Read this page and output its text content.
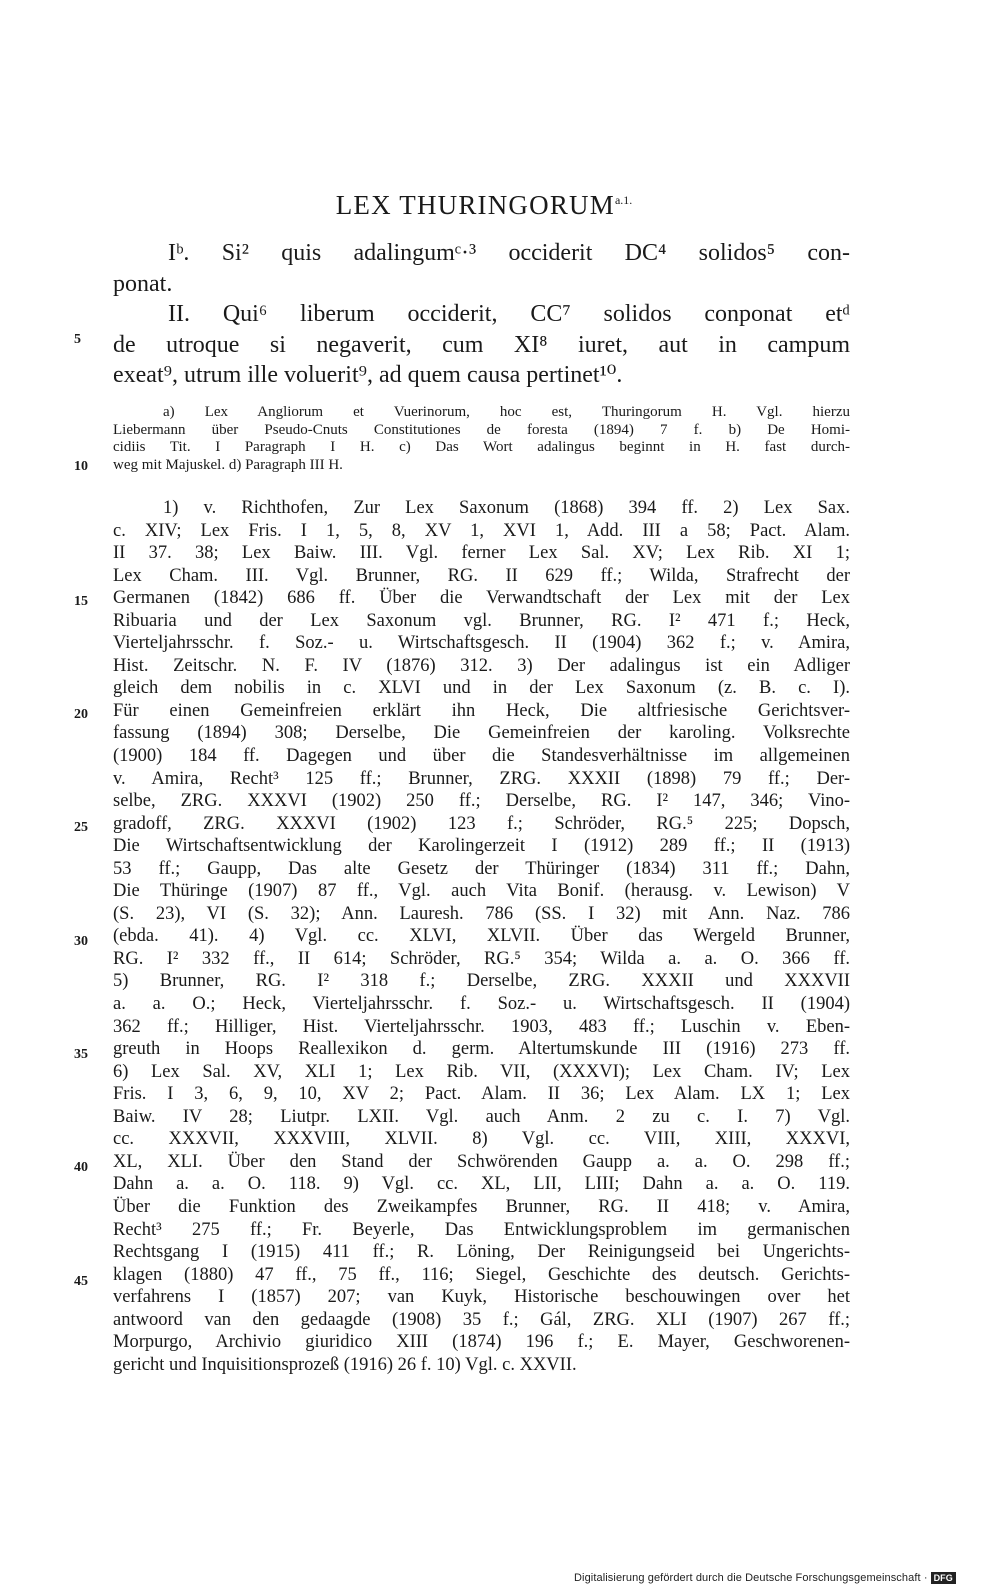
LEX $THURINGORUM^{a.1.}$
Iᵇ. Si² quis adalingumᶜ·³ occiderit DC⁴ solidos⁵ con-
ponat.
II. Qui⁶ liberum occiderit, CC⁷ solidos conponat etᵈ
de utroque si negaverit, cum XI⁸ iuret, aut in campum
exeat⁹, utrum ille voluerit⁹, ad quem causa pertinet¹⁰.
a) Lex Angliorum et Vuerinorum, hoc est, Thuringorum H. Vgl. hierzu
Liebermann über Pseudo-Cnuts Constitutiones de foresta (1894) 7 f. b) De Homi-
cidiis Tit. I Paragraph I H. c) Das Wort adalingus beginnt in H. fast durch-
weg mit Majuskel. d) Paragraph III H.
1) v. Richthofen, Zur Lex Saxonum (1868) 394 ff. 2) Lex Sax.
c. XIV; Lex Fris. I 1, 5, 8, XV 1, XVI 1, Add. III a 58; Pact. Alam.
II 37. 38; Lex Baiw. III. Vgl. ferner Lex Sal. XV; Lex Rib. XI 1;
Lex Cham. III. Vgl. Brunner, RG. II 629 ff.; Wilda, Strafrecht der
Germanen (1842) 686 ff. Über die Verwandtschaft der Lex mit der Lex
Ribuaria und der Lex Saxonum vgl. Brunner, RG. I² 471 f.; Heck,
Vierteljahrsschr. f. Soz.- u. Wirtschaftsgesch. II (1904) 362 f.; v. Amira,
Hist. Zeitschr. N. F. IV (1876) 312. 3) Der adalingus ist ein Adliger
gleich dem nobilis in c. XLVI und in der Lex Saxonum (z. B. c. I).
Für einen Gemeinfreien erklärt ihn Heck, Die altfriesische Gerichtsver-
fassung (1894) 308; Derselbe, Die Gemeinfreien der karoling. Volksrechte
(1900) 184 ff. Dagegen und über die Standesverhältnisse im allgemeinen
v. Amira, Recht³ 125 ff.; Brunner, ZRG. XXXII (1898) 79 ff.; Der-
selbe, ZRG. XXXVI (1902) 250 ff.; Derselbe, RG. I² 147, 346; Vino-
gradoff, ZRG. XXXVI (1902) 123 f.; Schröder, RG.⁵ 225; Dopsch,
Die Wirtschaftsentwicklung der Karolingerzeit I (1912) 289 ff.; II (1913)
53 ff.; Gaupp, Das alte Gesetz der Thüringer (1834) 311 ff.; Dahn,
Die Thüringe (1907) 87 ff., Vgl. auch Vita Bonif. (herausg. v. Lewison) V
(S. 23), VI (S. 32); Ann. Lauresh. 786 (SS. I 32) mit Ann. Naz. 786
(ebda. 41). 4) Vgl. cc. XLVI, XLVII. Über das Wergeld Brunner,
RG. I² 332 ff., II 614; Schröder, RG.⁵ 354; Wilda a. a. O. 366 ff.
5) Brunner, RG. I² 318 f.; Derselbe, ZRG. XXXII und XXXVII
a. a. O.; Heck, Vierteljahrsschr. f. Soz.- u. Wirtschaftsgesch. II (1904)
362 ff.; Hilliger, Hist. Vierteljahrsschr. 1903, 483 ff.; Luschin v. Eben-
greuth in Hoops Reallexikon d. germ. Altertumskunde III (1916) 273 ff.
6) Lex Sal. XV, XLI 1; Lex Rib. VII, (XXXVI); Lex Cham. IV; Lex
Fris. I 3, 6, 9, 10, XV 2; Pact. Alam. II 36; Lex Alam. LX 1; Lex
Baiw. IV 28; Liutpr. LXII. Vgl. auch Anm. 2 zu c. I. 7) Vgl.
cc. XXXVII, XXXVIII, XLVII. 8) Vgl. cc. VIII, XIII, XXXVI,
XL, XLI. Über den Stand der Schwörenden Gaupp a. a. O. 298 ff.;
Dahn a. a. O. 118. 9) Vgl. cc. XL, LII, LIII; Dahn a. a. O. 119.
Über die Funktion des Zweikampfes Brunner, RG. II 418; v. Amira,
Recht³ 275 ff.; Fr. Beyerle, Das Entwicklungsproblem im germanischen
Rechtsgang I (1915) 411 ff.; R. Löning, Der Reinigungseid bei Ungerichts-
klagen (1880) 47 ff., 75 ff., 116; Siegel, Geschichte des deutsch. Gerichts-
verfahrens I (1857) 207; van Kuyk, Historische beschouwingen over het
antwoord van den gedaagde (1908) 35 f.; Gál, ZRG. XLI (1907) 267 ff.;
Morpurgo, Archivio giuridico XIII (1874) 196 f.; E. Mayer, Geschworenen-
gericht und Inquisitionsprozeß (1916) 26 f. 10) Vgl. c. XXVII.
5
10
15
20
25
30
35
40
45
Digitalisierung gefördert durch die Deutsche Forschungsgemeinschaft · DFG
